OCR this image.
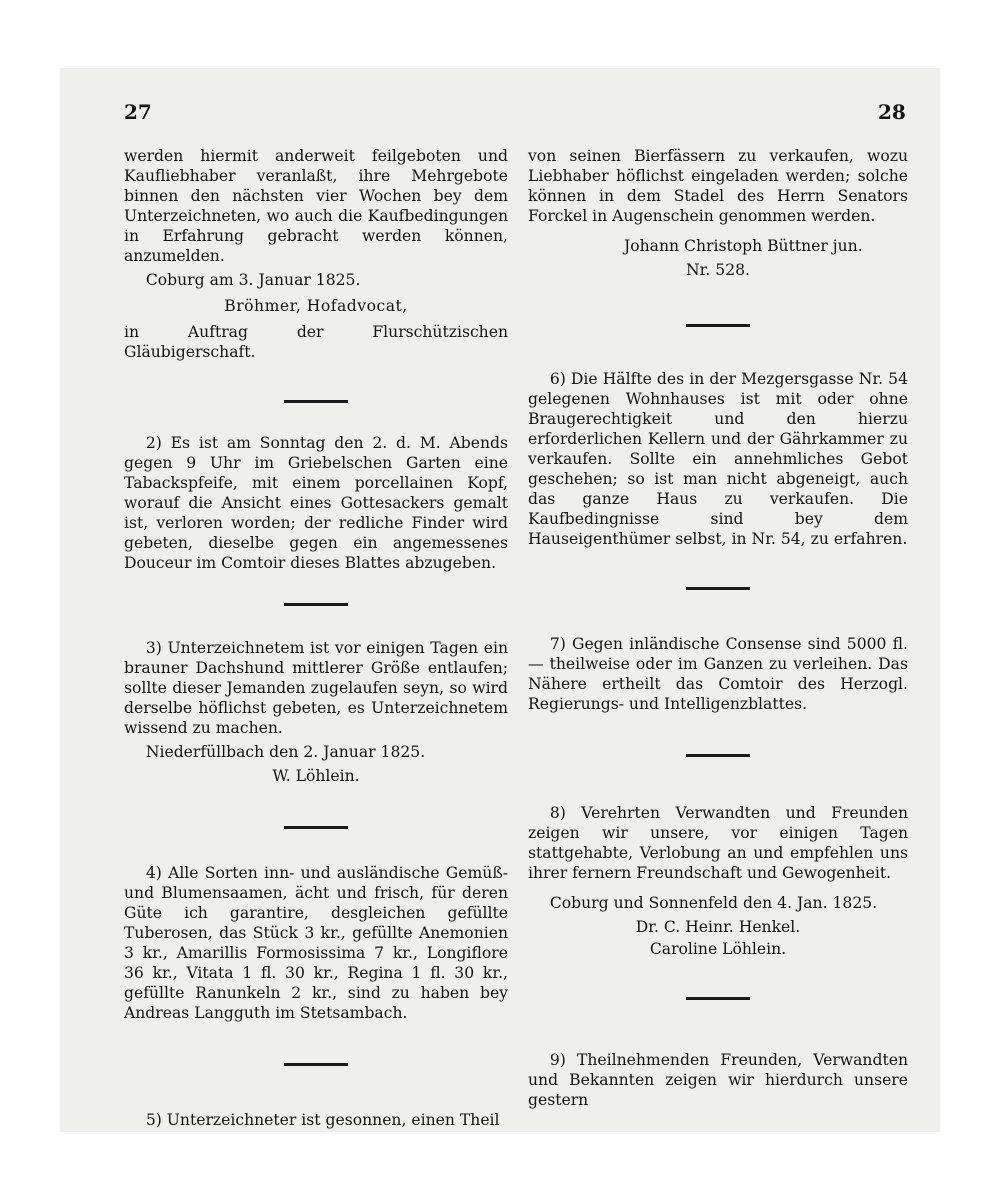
27	28

werden hiermit anderweit feilgeboten und Kaufliebhaber veranlaßt, ihre Mehrgebote binnen den nächsten vier Wochen bey dem Unterzeichneten, wo auch die Kaufbedingungen in Erfahrung gebracht werden können, anzumelden.

Coburg am 3. Januar 1825.

Bröhmer, Hofadvocat,

in Auftrag der Flurschützischen Gläubigerschaft.

2) Es ist am Sonntag den 2. d. M. Abends gegen 9 Uhr im Griebelschen Garten eine Tabackspfeife, mit einem porcellainen Kopf, worauf die Ansicht eines Gottesackers gemalt ist, verloren worden; der redliche Finder wird gebeten, dieselbe gegen ein angemessenes Douceur im Comtoir dieses Blattes abzugeben.

3) Unterzeichnetem ist vor einigen Tagen ein brauner Dachshund mittlerer Größe entlaufen; sollte dieser Jemanden zugelaufen seyn, so wird derselbe höflichst gebeten, es Unterzeichnetem wissend zu machen.

Niederfüllbach den 2. Januar 1825.

W. Löhlein.

4) Alle Sorten inn- und ausländische Gemüß- und Blumensaamen, ächt und frisch, für deren Güte ich garantire, desgleichen gefüllte Tuberosen, das Stück 3 kr., gefüllte Anemonien 3 kr., Amarillis Formosissima 7 kr., Longiflore 36 kr., Vitata 1 fl. 30 kr., Regina 1 fl. 30 kr., gefüllte Ranunkeln 2 kr., sind zu haben bey Andreas Langguth im Stetsambach.

5) Unterzeichneter ist gesonnen, einen Theil

von seinen Bierfässern zu verkaufen, wozu Liebhaber höflichst eingeladen werden; solche können in dem Stadel des Herrn Senators Forckel in Augenschein genommen werden.

Johann Christoph Büttner jun.

Nr. 528.

6) Die Hälfte des in der Mezgersgasse Nr. 54 gelegenen Wohnhauses ist mit oder ohne Braugerechtigkeit und den hierzu erforderlichen Kellern und der Gährkammer zu verkaufen. Sollte ein annehmliches Gebot geschehen; so ist man nicht abgeneigt, auch das ganze Haus zu verkaufen. Die Kaufbedingnisse sind bey dem Hauseigenthümer selbst, in Nr. 54, zu erfahren.

7) Gegen inländische Consense sind 5000 fl. — theilweise oder im Ganzen zu verleihen. Das Nähere ertheilt das Comtoir des Herzogl. Regierungs- und Intelligenzblattes.

8) Verehrten Verwandten und Freunden zeigen wir unsere, vor einigen Tagen stattgehabte, Verlobung an und empfehlen uns ihrer fernern Freundschaft und Gewogenheit.

Coburg und Sonnenfeld den 4. Jan. 1825.

Dr. C. Heinr. Henkel.

Caroline Löhlein.

9) Theilnehmenden Freunden, Verwandten und Bekannten zeigen wir hierdurch unsere gestern
